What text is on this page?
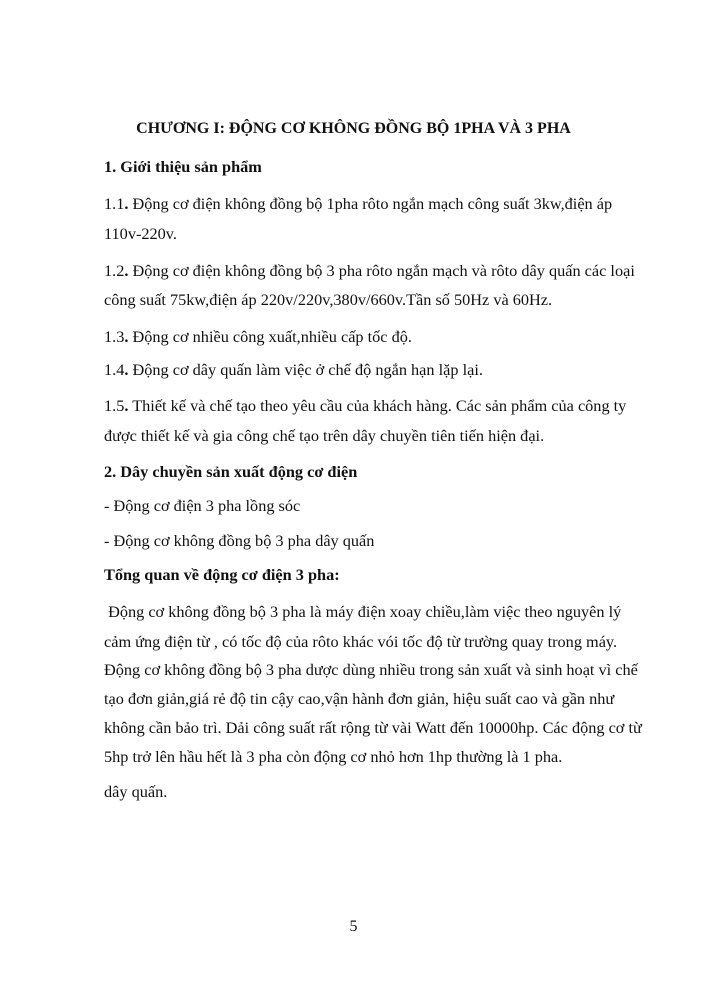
CHƯƠNG I: ĐỘNG CƠ KHÔNG ĐỒNG BỘ 1PHA VÀ 3 PHA
1. Giới thiệu sản phẩm
1.1. Động cơ điện không đồng bộ 1pha rôto ngắn mạch công suất 3kw,điện áp
110v-220v.
1.2. Động cơ điện không đồng bộ 3 pha rôto ngắn mạch và rôto dây quấn các loại
công suất 75kw,điện áp 220v/220v,380v/660v.Tần số 50Hz và 60Hz.
1.3. Động cơ nhiều công xuất,nhiều cấp tốc độ.
1.4. Động cơ dây quấn làm việc ở chế độ ngắn hạn lặp lại.
1.5. Thiết kế và chế tạo theo yêu cầu của khách hàng. Các sản phẩm của công ty
được thiết kế và gia công chế tạo trên dây chuyền tiên tiến hiện đại.
2. Dây chuyền sản xuất động cơ điện
- Động cơ điện 3 pha lồng sóc
- Động cơ không đồng bộ 3 pha dây quấn
Tổng quan về động cơ điện 3 pha:
Động cơ không đồng bộ 3 pha là máy điện xoay chiều,làm việc theo nguyên lý
cảm ứng điện từ , có tốc độ của rôto khác vói tốc độ từ trường quay trong máy.
Động cơ không đồng bộ 3 pha dược dùng nhiều trong sản xuất và sinh hoạt vì chế
tạo đơn giản,giá rẻ độ tin cậy cao,vận hành đơn giản, hiệu suất cao và gần như
không cần bảo trì. Dải công suất rất rộng từ vài Watt đến 10000hp. Các động cơ từ
5hp trở lên hầu hết là 3 pha còn động cơ nhỏ hơn 1hp thường là 1 pha.
dây quấn.
5
